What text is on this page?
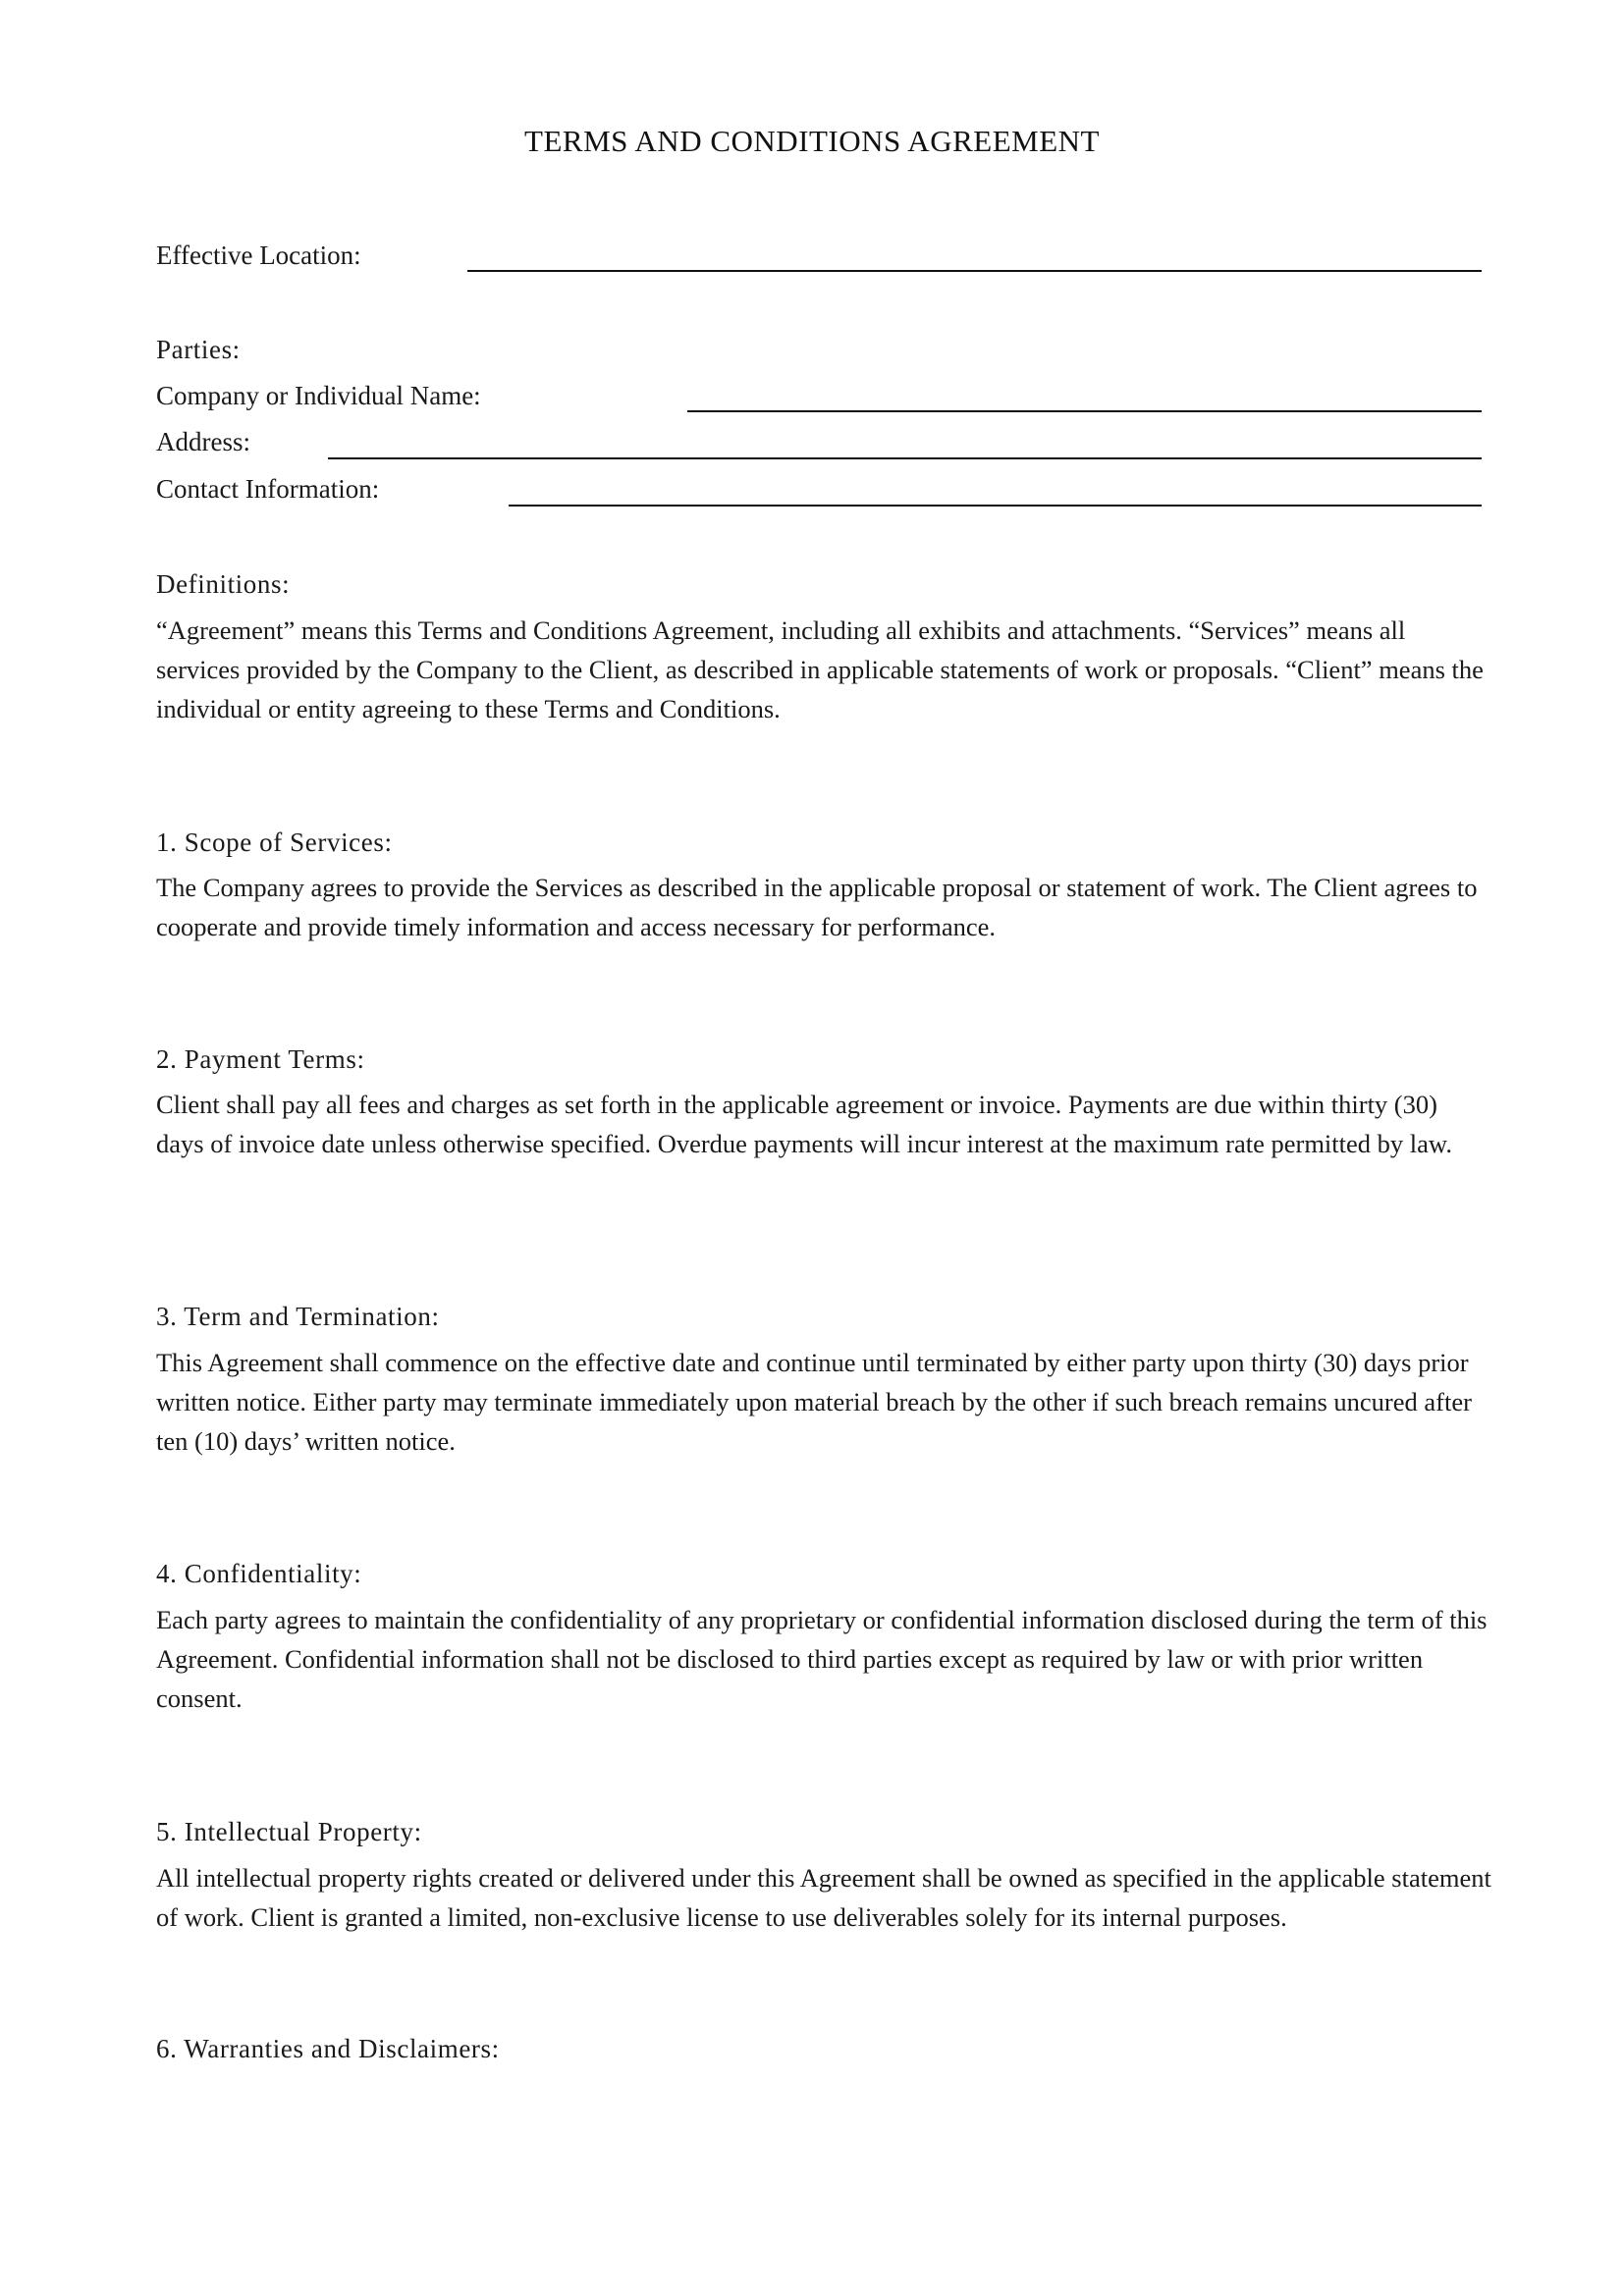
TERMS AND CONDITIONS AGREEMENT
Effective Location:
Parties:
Company or Individual Name:
Address:
Contact Information:
Definitions:
“Agreement” means this Terms and Conditions Agreement, including all exhibits and attachments. “Services” means all services provided by the Company to the Client, as described in applicable statements of work or proposals. “Client” means the individual or entity agreeing to these Terms and Conditions.
1. Scope of Services:
The Company agrees to provide the Services as described in the applicable proposal or statement of work. The Client agrees to cooperate and provide timely information and access necessary for performance.
2. Payment Terms:
Client shall pay all fees and charges as set forth in the applicable agreement or invoice. Payments are due within thirty (30) days of invoice date unless otherwise specified. Overdue payments will incur interest at the maximum rate permitted by law.
3. Term and Termination:
This Agreement shall commence on the effective date and continue until terminated by either party upon thirty (30) days prior written notice. Either party may terminate immediately upon material breach by the other if such breach remains uncured after ten (10) days’ written notice.
4. Confidentiality:
Each party agrees to maintain the confidentiality of any proprietary or confidential information disclosed during the term of this Agreement. Confidential information shall not be disclosed to third parties except as required by law or with prior written consent.
5. Intellectual Property:
All intellectual property rights created or delivered under this Agreement shall be owned as specified in the applicable statement of work. Client is granted a limited, non-exclusive license to use deliverables solely for its internal purposes.
6. Warranties and Disclaimers:
